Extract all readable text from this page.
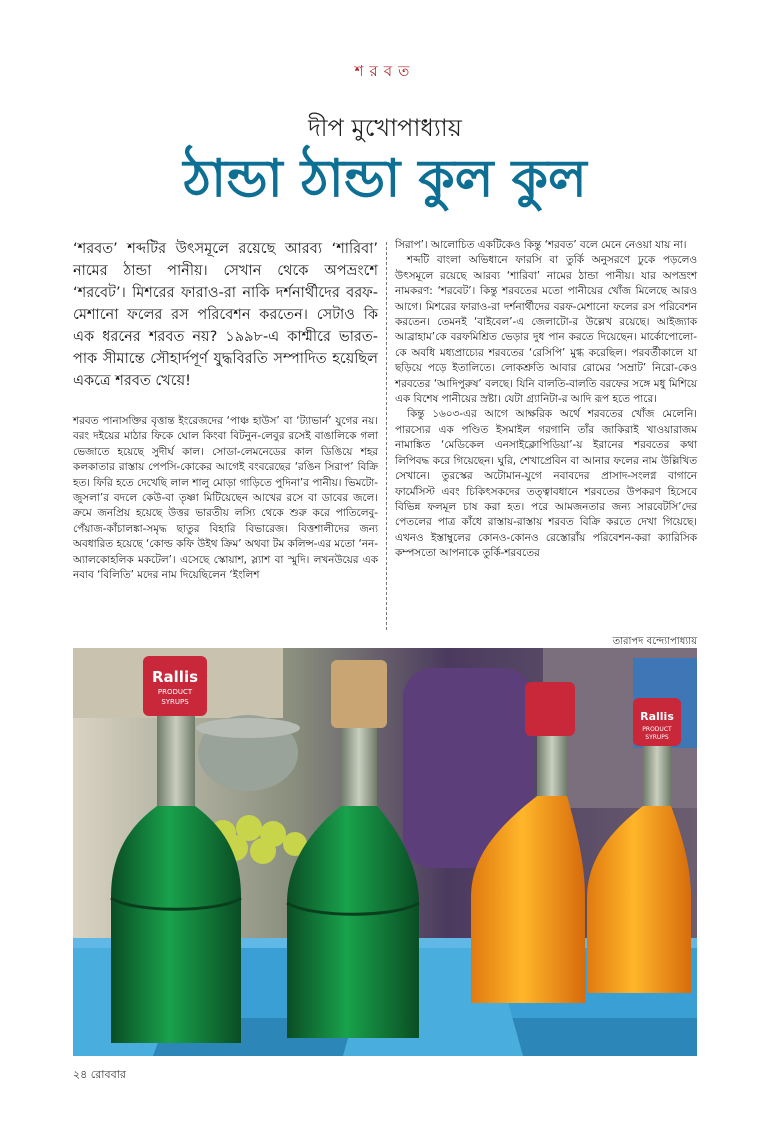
শরবত
দীপ মুখোপাধ্যায়
ঠান্ডা ঠান্ডা কুল কুল

‘শরবত’ শব্দটির উৎসমূলে রয়েছে আরব্য ‘শারিবা’ নামের ঠান্ডা পানীয়। সেখান থেকে অপভ্রংশে ‘শরবেট’। মিশরের ফারাও-রা নাকি দর্শনার্থীদের বরফ-মেশানো ফলের রস পরিবেশন করতেন। সেটাও কি এক ধরনের শরবত নয়? ১৯৯৮-এ কাশ্মীরে ভারত-পাক সীমান্তে সৌহার্দপূর্ণ যুদ্ধবিরতি সম্পাদিত হয়েছিল একত্রে শরবত খেয়ে!

শরবত পানাসক্তির বৃত্তান্ত ইংরেজদের ‘পাঞ্চ হাউস’ বা ‘ট্যাভার্ন’ যুগের নয়। বরং দইয়ের মাঠার ফিকে ঘোল কিংবা বিটনুন-লেবুর রসেই বাঙালিকে গলা ভেজাতে হয়েছে সুদীর্ঘ কাল। সোডা-লেমনেডের কাল ডিঙিয়ে শহর কলকাতার রাস্তায় পেপসি-কোকের আগেই বংবরেছের ‘রঙিন সিরাপ’ বিক্রি হত। ফিরি হতে দেখেছি লাল শালু মোড়া গাড়িতে পুদিনা’র পানীয়। ভিমটো-জুসলা’র বদলে কেউ-বা তৃষ্ণা মিটিয়েছেন আখের রসে বা ডাবের জলে। ক্রমে জনপ্রিয় হয়েছে উত্তর ভারতীয় লস্যি থেকে শুরু করে পাতিলেবু-পেঁয়াজ-কাঁচালঙ্কা-সমৃদ্ধ ছাতুর বিহারি বিভারেজ। বিত্তশালীদের জন্য অবধারিত হয়েছে ‘কোল্ড কফি উইথ ক্রিম’ অথবা টম কলিন্স-এর মতো ‘নন-অ্যালকোহলিক মকটেল’। এসেছে স্কোয়াশ, স্ল্যাশ বা স্মুদি। লখনউয়ের এক নবাব ‘বিলিতি’ মদের নাম দিয়েছিলেন ‘ইংলিশ

সিরাপ’। আলোচিত একটিকেও কিন্তু ‘শরবত’ বলে মেনে নেওয়া যায় না।

শব্দটি বাংলা অভিধানে ফারসি বা তুর্কি অনুসরণে ঢুকে পড়লেও উৎসমূলে রয়েছে আরব্য ‘শারিবা’ নামের ঠান্ডা পানীয়। যার অপভ্রংশ নামকরণ: ‘শরবেট’। কিন্তু শরবতের মতো পানীয়ের খোঁজ মিলেছে আরও আগে। মিশরের ফারাও-রা দর্শনার্থীদের বরফ-মেশানো ফলের রস পরিবেশন করতেন। তেমনই ‘বাইবেল’-এ জেলাটো-র উল্লেখ রয়েছে। আইজ্যাক আব্রাহাম’কে বরফমিশ্রিত ভেড়ার দুধ পান করতে দিয়েছেন। মার্কোপোলো-কে অবধি মধ্যপ্রাচ্যের শরবতের ‘রেসিপি’ মুগ্ধ করেছিল। পরবর্তীকালে যা ছড়িয়ে পড়ে ইতালিতে। লোকশ্রুতি আবার রোমের ‘সম্রাট’ নিরো-কেও শরবতের ‘আদিপুরুষ’ বলছে। যিনি বালতি-বালতি বরফের সঙ্গে মধু মিশিয়ে এক বিশেষ পানীয়ের স্রষ্টা। যেটা গ্র্যানিটা-র আদি রূপ হতে পারে।

কিন্তু ১৬০৩-এর আগে আক্ষরিক অর্থে শরবতের খোঁজ মেলেনি। পারস্যের এক পণ্ডিত ইসমাইল গরগানি তাঁর জাকিরাই খাওয়ারাজম নামাঙ্কিত ‘মেডিকেল এনসাইক্লোপিডিয়া’-য় ইরানের শরবতের কথা লিপিবদ্ধ করে গিয়েছেন। ঘুরি, শেখাপ্রেবিন বা আনার ফলের নাম উল্লিখিত সেখানে। তুরস্কের অটোমান-যুগে নবাবদের প্রাসাদ-সংলগ্ন বাগানে ফার্মেসিস্ট এবং চিকিৎসকদের তত্ত্বাবধানে শরবতের উপকরণ হিসেবে বিভিন্ন ফলমূল চাষ করা হত। পরে আমজনতার জন্য সারবেটসি’দের পেতলের পাত্র কাঁধে রাস্তায়-রাস্তায় শরবত বিক্রি করতে দেখা গিয়েছে। এখনও ইস্তাম্বুলের কোনও-কোনও রেস্তোরাঁয় পরিবেশন-করা ক্যারিসিক কম্পসতো আপনাকে তুর্কি-শরবতের

তারাপদ বন্দ্যোপাধ্যায়
Rallis
PRODUCT
SYRUPS
Rallis
PRODUCT
SYRUPS
২৪ রোববার
